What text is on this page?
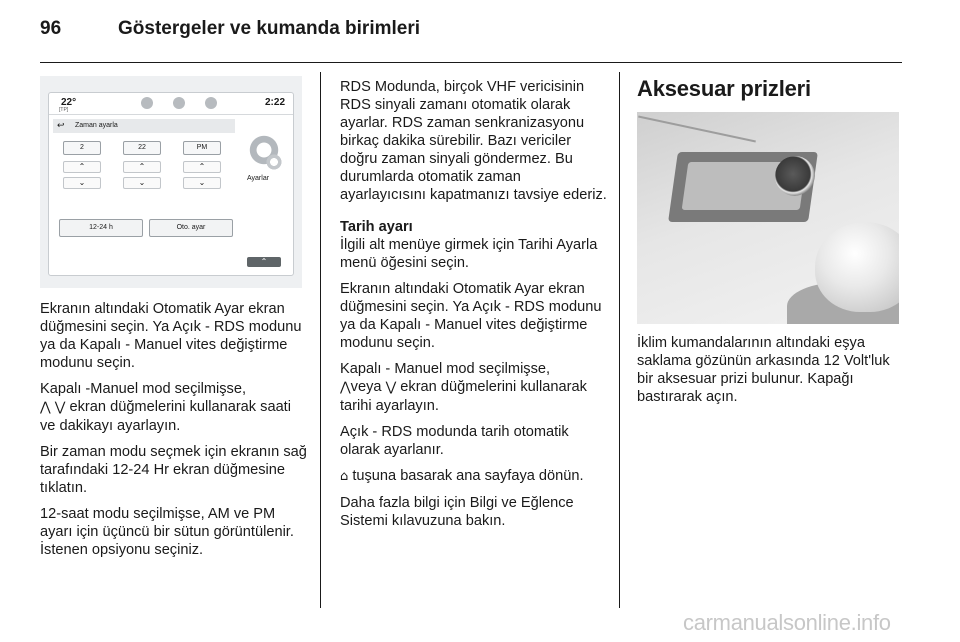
96	Göstergeler ve kumanda birimleri
22°
[TP]
2:22
↩ Zaman ayarla
2	22	PM
⌃	⌃	⌃
⌄	⌄	⌄
12-24 h	Oto. ayar
Ayarlar
⌃

Ekranın altındaki Otomatik Ayar ekran düğmesini seçin. Ya Açık - RDS modunu ya da Kapalı - Manuel vites değiştirme modunu seçin.

Kapalı -Manuel mod seçilmişse,
⋀ ⋁ ekran düğmelerini kullanarak saati ve dakikayı ayarlayın.

Bir zaman modu seçmek için ekranın sağ tarafındaki 12-24 Hr ekran düğmesine tıklatın.

12-saat modu seçilmişse, AM ve PM ayarı için üçüncü bir sütun görüntülenir. İstenen opsiyonu seçiniz.

RDS Modunda, birçok VHF vericisinin RDS sinyali zamanı otomatik olarak ayarlar. RDS zaman senkranizasyonu birkaç dakika sürebilir. Bazı vericiler doğru zaman sinyali göndermez. Bu durumlarda otomatik zaman ayarlayıcısını kapatmanızı tavsiye ederiz.

Tarih ayarı

İlgili alt menüye girmek için Tarihi Ayarla menü öğesini seçin.

Ekranın altındaki Otomatik Ayar ekran düğmesini seçin. Ya Açık - RDS modunu ya da Kapalı - Manuel vites değiştirme modunu seçin.

Kapalı - Manuel mod seçilmişse,
⋀veya ⋁ ekran düğmelerini kullanarak tarihi ayarlayın.

Açık - RDS modunda tarih otomatik olarak ayarlanır.

⌂ tuşuna basarak ana sayfaya dönün.

Daha fazla bilgi için Bilgi ve Eğlence Sistemi kılavuzuna bakın.

Aksesuar prizleri

İklim kumandalarının altındaki eşya saklama gözünün arkasında 12 Volt'luk bir aksesuar prizi bulunur. Kapağı bastırarak açın.

carmanualsonline.info
